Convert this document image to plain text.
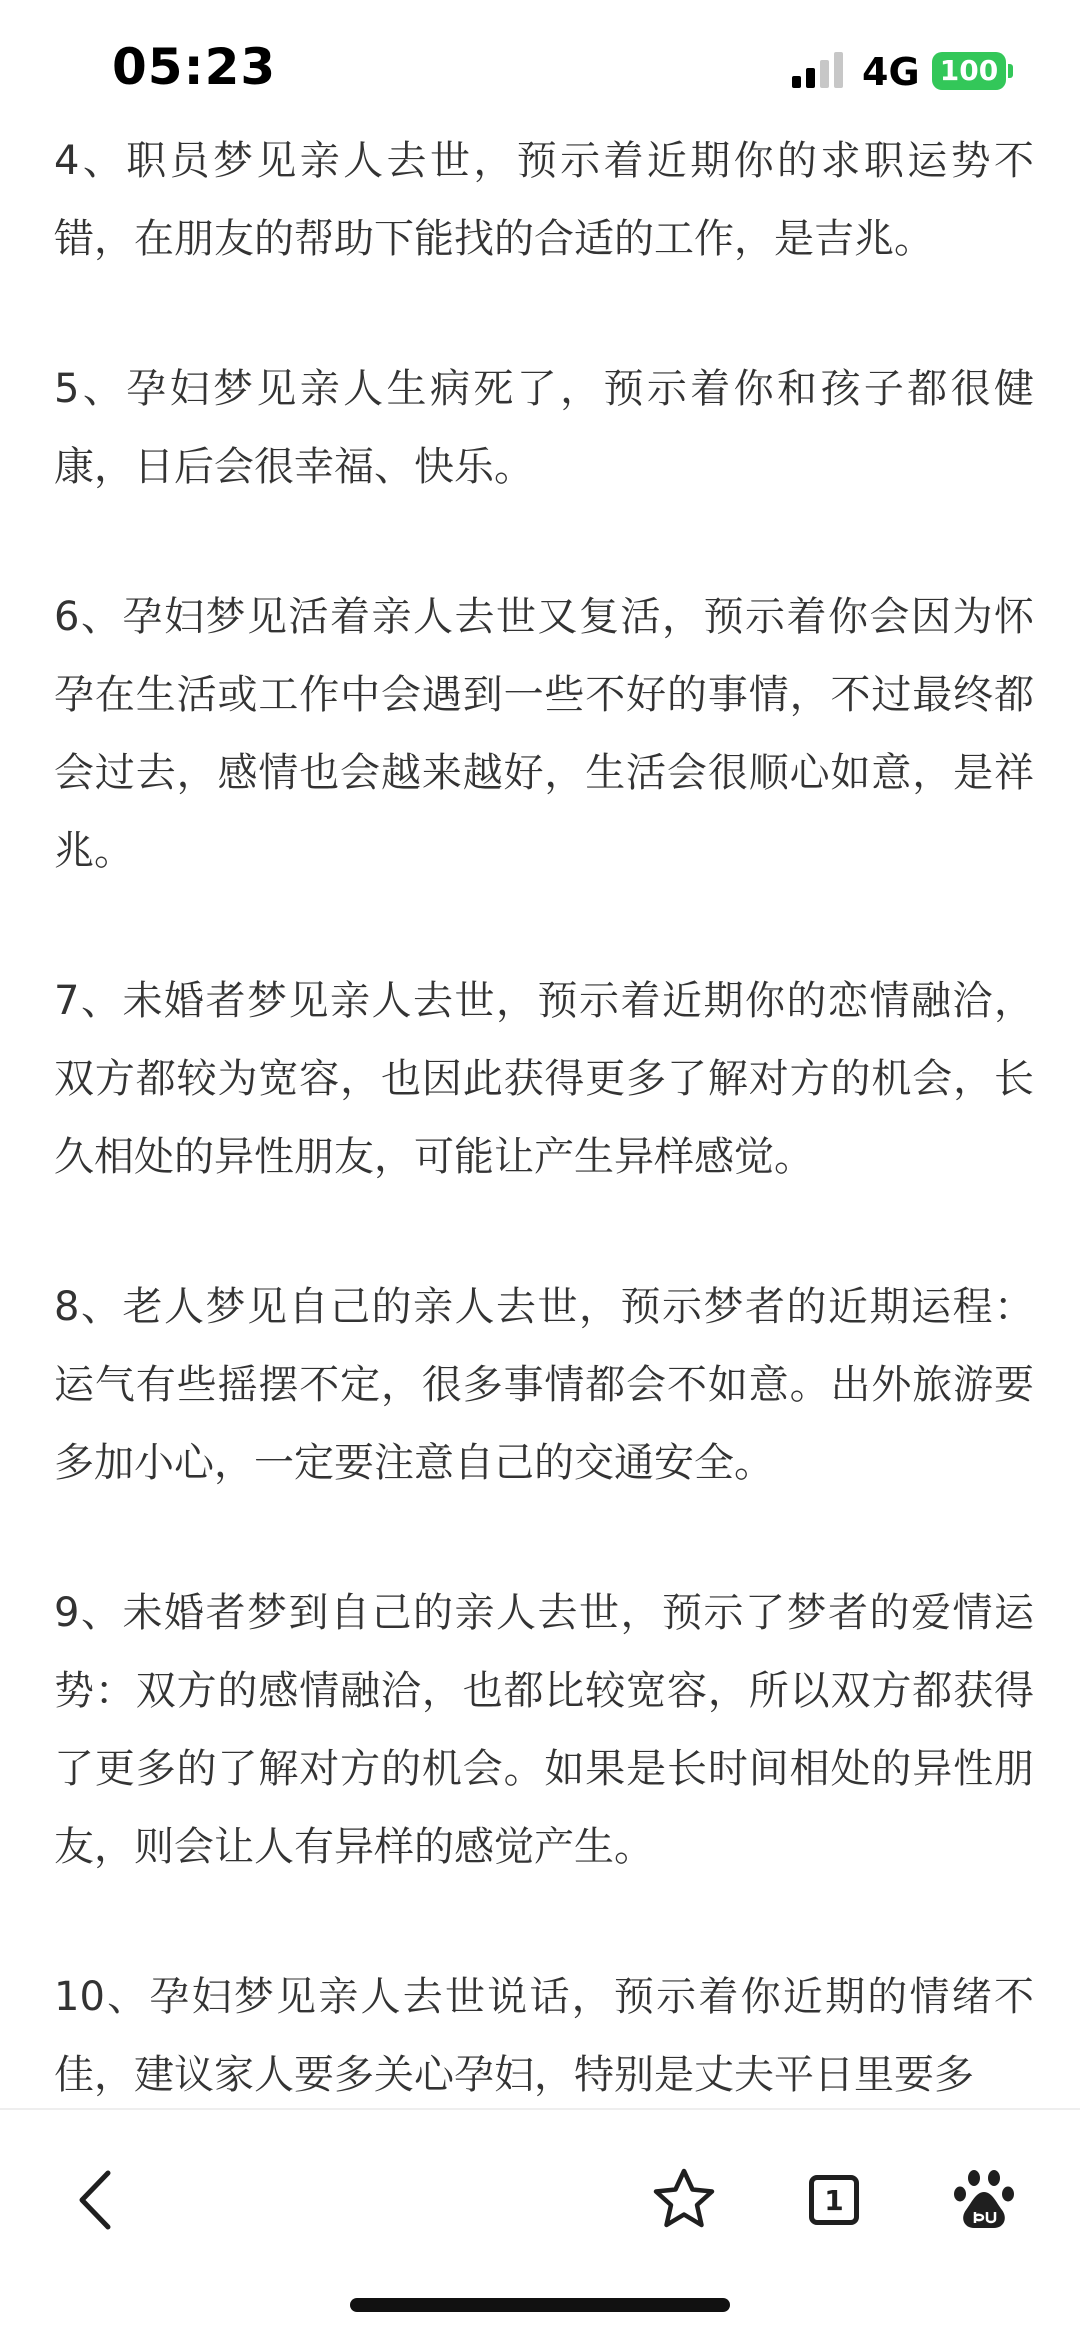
05:23	4G 100

4、职员梦见亲人去世，预示着近期你的求职运势不错，在朋友的帮助下能找的合适的工作，是吉兆。

5、孕妇梦见亲人生病死了，预示着你和孩子都很健康，日后会很幸福、快乐。

6、孕妇梦见活着亲人去世又复活，预示着你会因为怀孕在生活或工作中会遇到一些不好的事情，不过最终都会过去，感情也会越来越好，生活会很顺心如意，是祥兆。

7、未婚者梦见亲人去世，预示着近期你的恋情融洽，双方都较为宽容，也因此获得更多了解对方的机会，长久相处的异性朋友，可能让产生异样感觉。

8、老人梦见自己的亲人去世，预示梦者的近期运程：运气有些摇摆不定，很多事情都会不如意。出外旅游要多加小心，一定要注意自己的交通安全。

9、未婚者梦到自己的亲人去世，预示了梦者的爱情运势：双方的感情融洽，也都比较宽容，所以双方都获得了更多的了解对方的机会。如果是长时间相处的异性朋友，则会让人有异样的感觉产生。

10、孕妇梦见亲人去世说话，预示着你近期的情绪不佳，建议家人要多关心孕妇，特别是丈夫平日里要多

1
